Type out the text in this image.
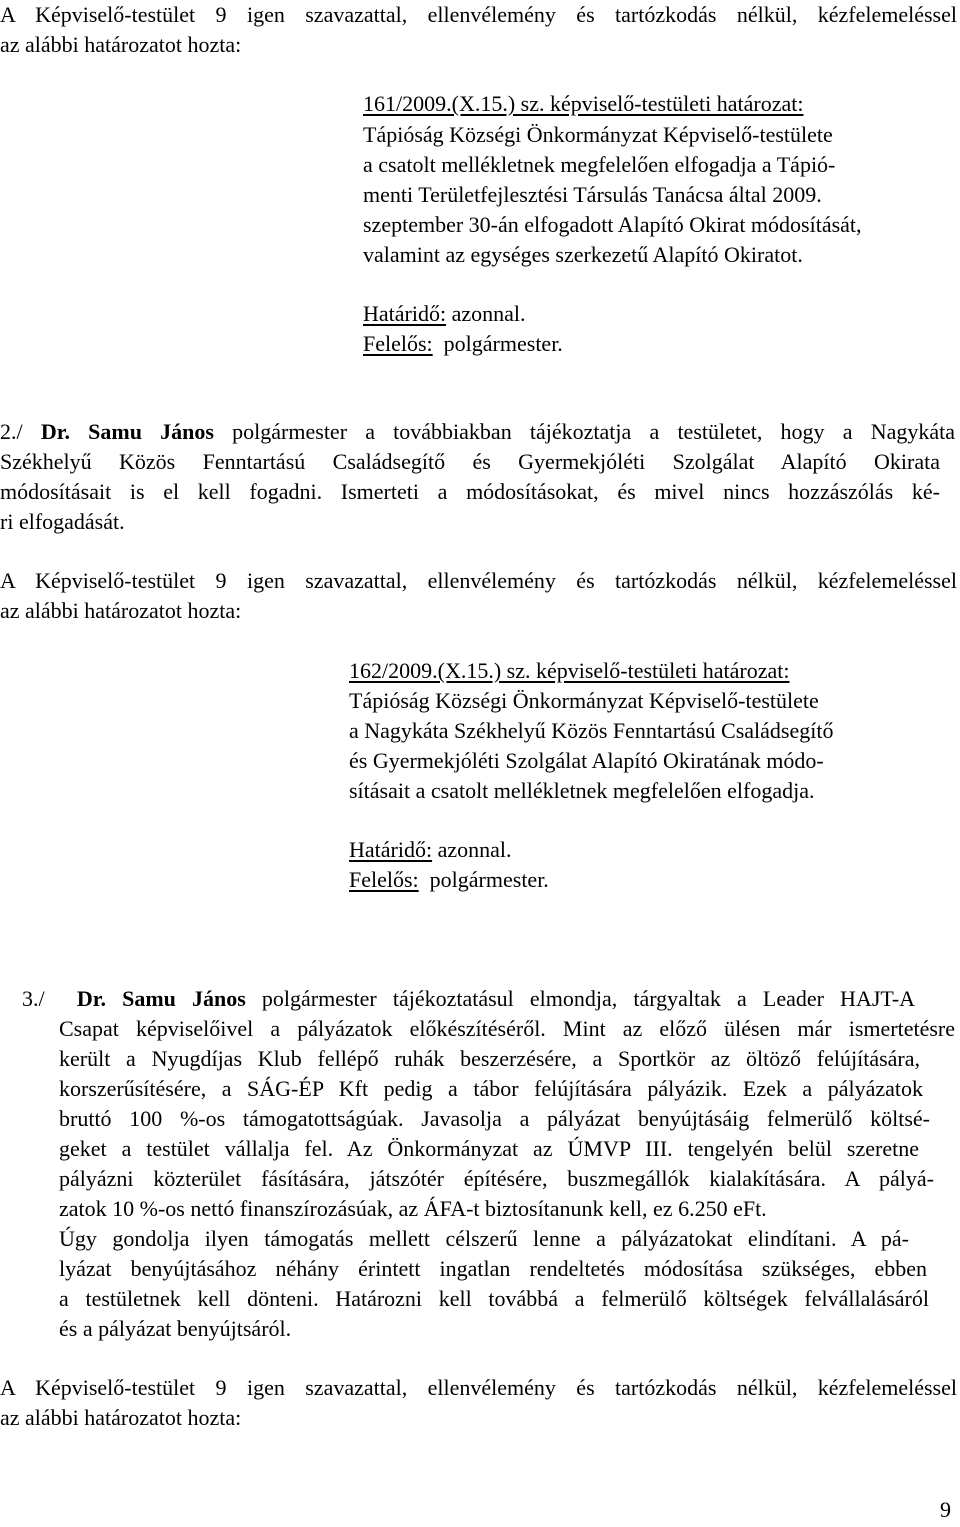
A Képviselő-testület 9 igen szavazattal, ellenvélemény és tartózkodás nélkül, kézfelemeléssel
az alábbi határozatot hozta:
161/2009.(X.15.) sz. képviselő-testületi határozat:
Tápióság Községi Önkormányzat Képviselő-testülete
a csatolt mellékletnek megfelelően elfogadja a Tápió-
menti Területfejlesztési Társulás Tanácsa által 2009.
szeptember 30-án elfogadott Alapító Okirat módosítását,
valamint az egységes szerkezetű Alapító Okiratot.
Határidő: azonnal.
Felelős: polgármester.
2./ Dr. Samu János polgármester a továbbiakban tájékoztatja a testületet, hogy a Nagykáta
Székhelyű Közös Fenntartású Családsegítő és Gyermekjóléti Szolgálat Alapító Okirata
módosításait is el kell fogadni. Ismerteti a módosításokat, és mivel nincs hozzászólás ké-
ri elfogadását.
A Képviselő-testület 9 igen szavazattal, ellenvélemény és tartózkodás nélkül, kézfelemeléssel
az alábbi határozatot hozta:
162/2009.(X.15.) sz. képviselő-testületi határozat:
Tápióság Községi Önkormányzat Képviselő-testülete
a Nagykáta Székhelyű Közös Fenntartású Családsegítő
és Gyermekjóléti Szolgálat Alapító Okiratának módo-
sításait a csatolt mellékletnek megfelelően elfogadja.
Határidő: azonnal.
Felelős: polgármester.
3./ Dr. Samu János polgármester tájékoztatásul elmondja, tárgyaltak a Leader HAJT-A
Csapat képviselőivel a pályázatok előkészítéséről. Mint az előző ülésen már ismertetésre
került a Nyugdíjas Klub fellépő ruhák beszerzésére, a Sportkör az öltöző felújítására,
korszerűsítésére, a SÁG-ÉP Kft pedig a tábor felújítására pályázik. Ezek a pályázatok
bruttó 100 %-os támogatottságúak. Javasolja a pályázat benyújtásáig felmerülő költsé-
geket a testület vállalja fel. Az Önkormányzat az ÚMVP III. tengelyén belül szeretne
pályázni közterület fásítására, játszótér építésére, buszmegállók kialakítására. A pályá-
zatok 10 %-os nettó finanszírozásúak, az ÁFA-t biztosítanunk kell, ez 6.250 eFt.
Úgy gondolja ilyen támogatás mellett célszerű lenne a pályázatokat elindítani. A pá-
lyázat benyújtásához néhány érintett ingatlan rendeltetés módosítása szükséges, ebben
a testületnek kell dönteni. Határozni kell továbbá a felmerülő költségek felvállalásáról
és a pályázat benyújtsáról.
A Képviselő-testület 9 igen szavazattal, ellenvélemény és tartózkodás nélkül, kézfelemeléssel
az alábbi határozatot hozta:
9
